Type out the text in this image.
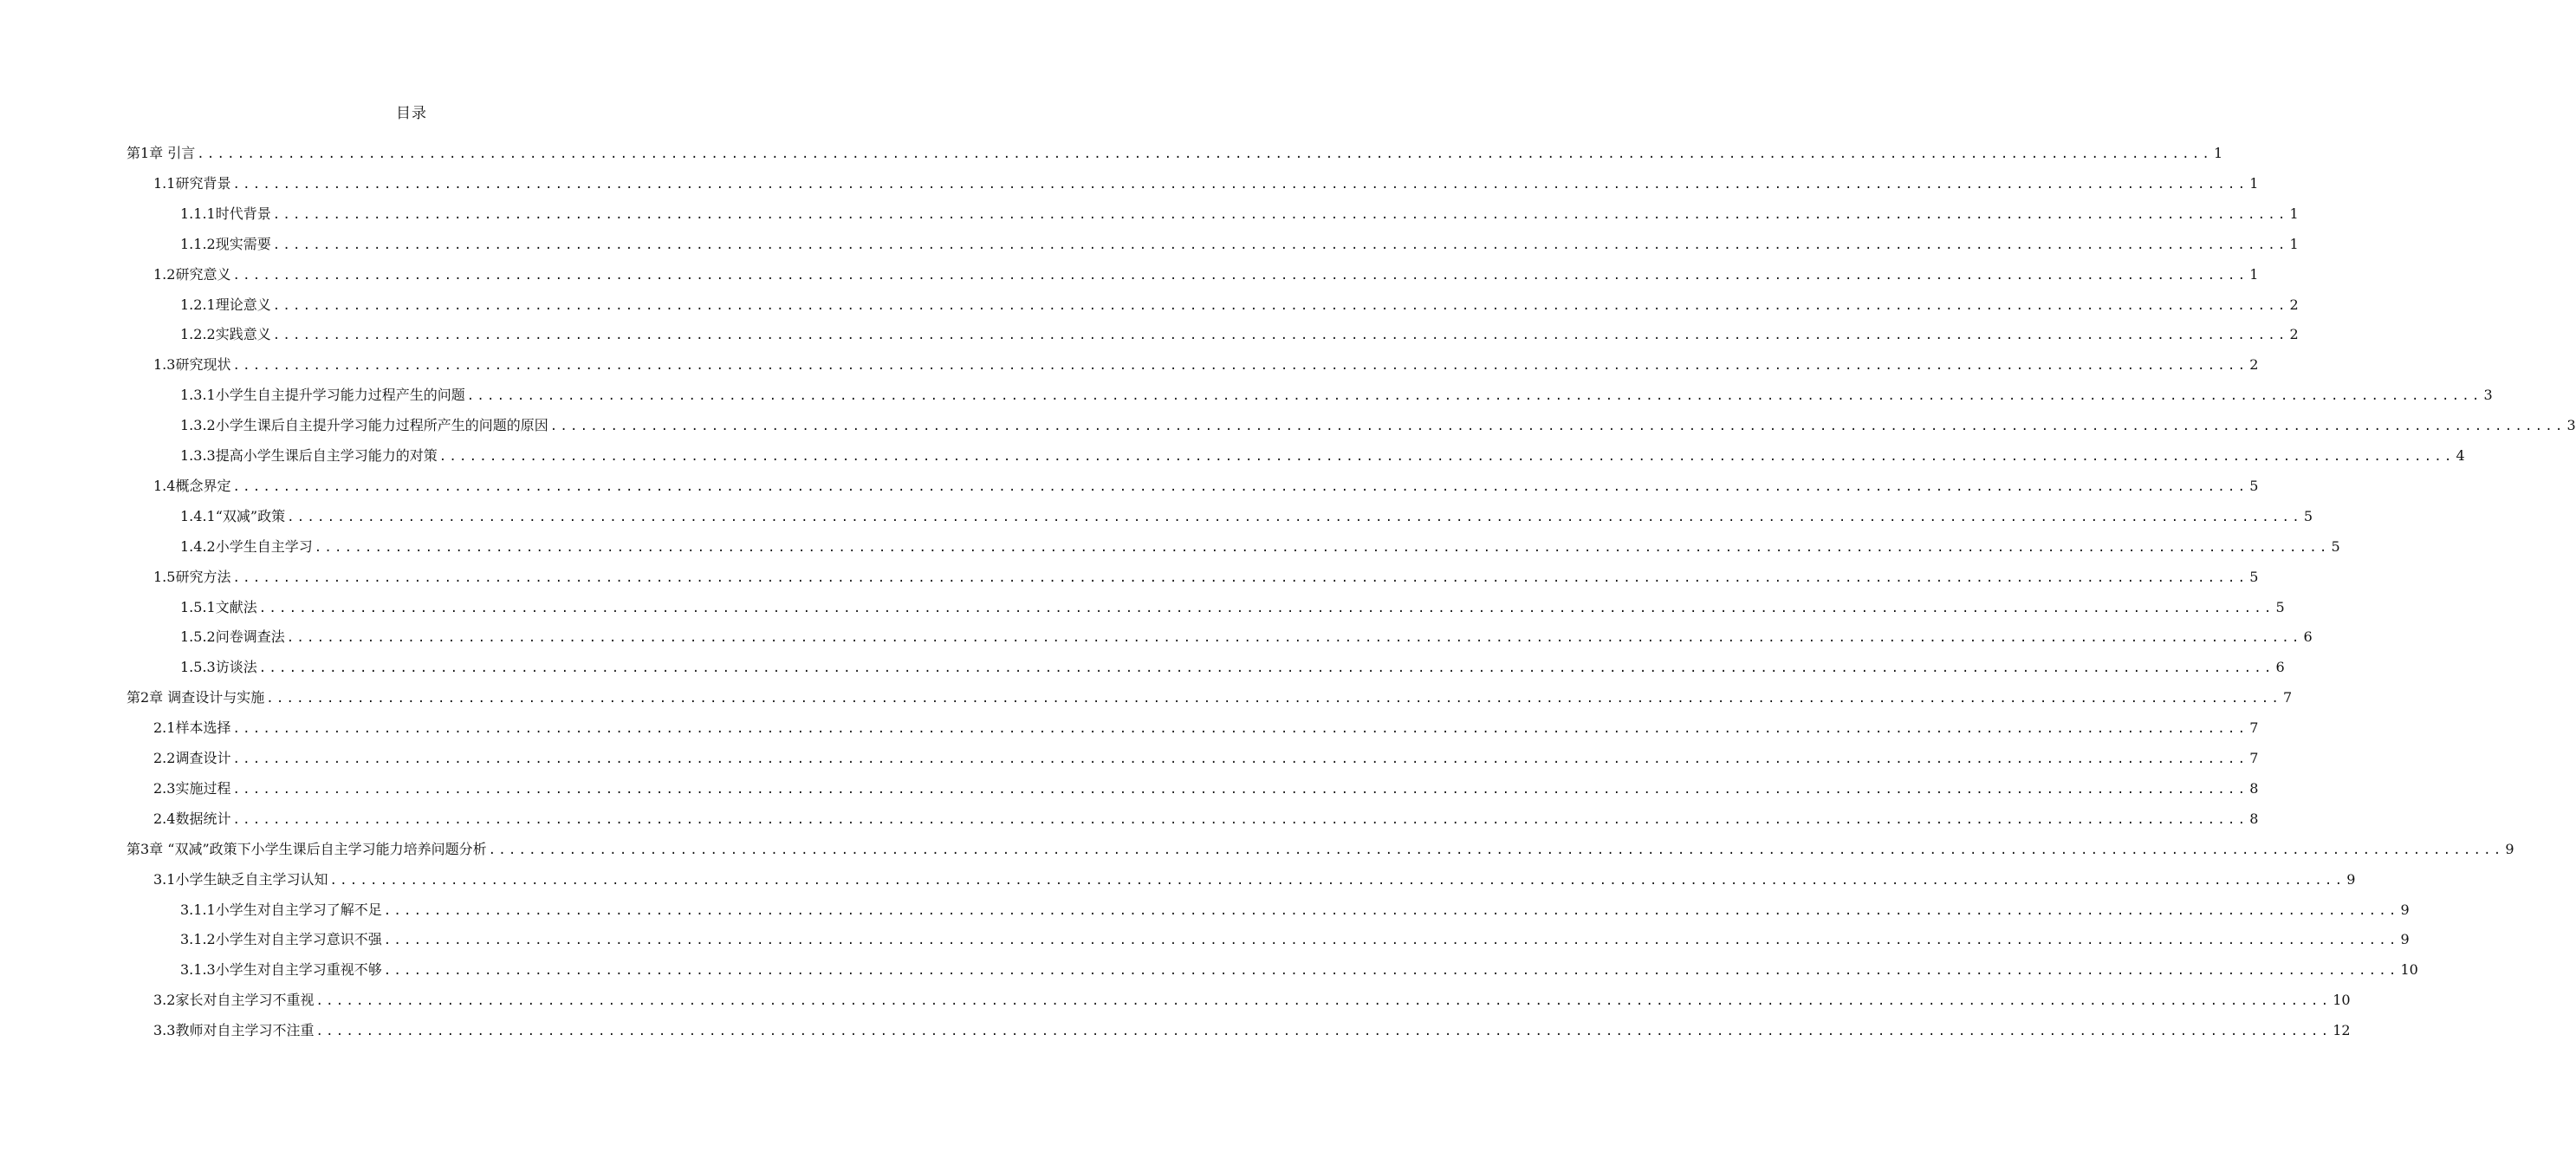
目录
第1章 引言 ........................................................................................................................................................................................................ 1
1.1研究背景 ........................................................................................................................................................................................................ 1
1.1.1时代背景 ........................................................................................................................................................................................................ 1
1.1.2现实需要 ........................................................................................................................................................................................................ 1
1.2研究意义 ........................................................................................................................................................................................................ 1
1.2.1理论意义 ........................................................................................................................................................................................................ 2
1.2.2实践意义 ........................................................................................................................................................................................................ 2
1.3研究现状 ........................................................................................................................................................................................................ 2
1.3.1小学生自主提升学习能力过程产生的问题 ........................................................................................................................................................................................................ 3
1.3.2小学生课后自主提升学习能力过程所产生的问题的原因 ........................................................................................................................................................................................................ 3
1.3.3提高小学生课后自主学习能力的对策 ........................................................................................................................................................................................................ 4
1.4概念界定 ........................................................................................................................................................................................................ 5
1.4.1“双减”政策 ........................................................................................................................................................................................................ 5
1.4.2小学生自主学习 ........................................................................................................................................................................................................ 5
1.5研究方法 ........................................................................................................................................................................................................ 5
1.5.1文献法 ........................................................................................................................................................................................................ 5
1.5.2问卷调查法 ........................................................................................................................................................................................................ 6
1.5.3访谈法 ........................................................................................................................................................................................................ 6
第2章 调查设计与实施 ........................................................................................................................................................................................................ 7
2.1样本选择 ........................................................................................................................................................................................................ 7
2.2调查设计 ........................................................................................................................................................................................................ 7
2.3实施过程 ........................................................................................................................................................................................................ 8
2.4数据统计 ........................................................................................................................................................................................................ 8
第3章 “双减”政策下小学生课后自主学习能力培养问题分析 ........................................................................................................................................................................................................ 9
3.1小学生缺乏自主学习认知 ........................................................................................................................................................................................................ 9
3.1.1小学生对自主学习了解不足 ........................................................................................................................................................................................................ 9
3.1.2小学生对自主学习意识不强 ........................................................................................................................................................................................................ 9
3.1.3小学生对自主学习重视不够 ........................................................................................................................................................................................................ 10
3.2家长对自主学习不重视 ........................................................................................................................................................................................................ 10
3.3教师对自主学习不注重 ........................................................................................................................................................................................................ 12
